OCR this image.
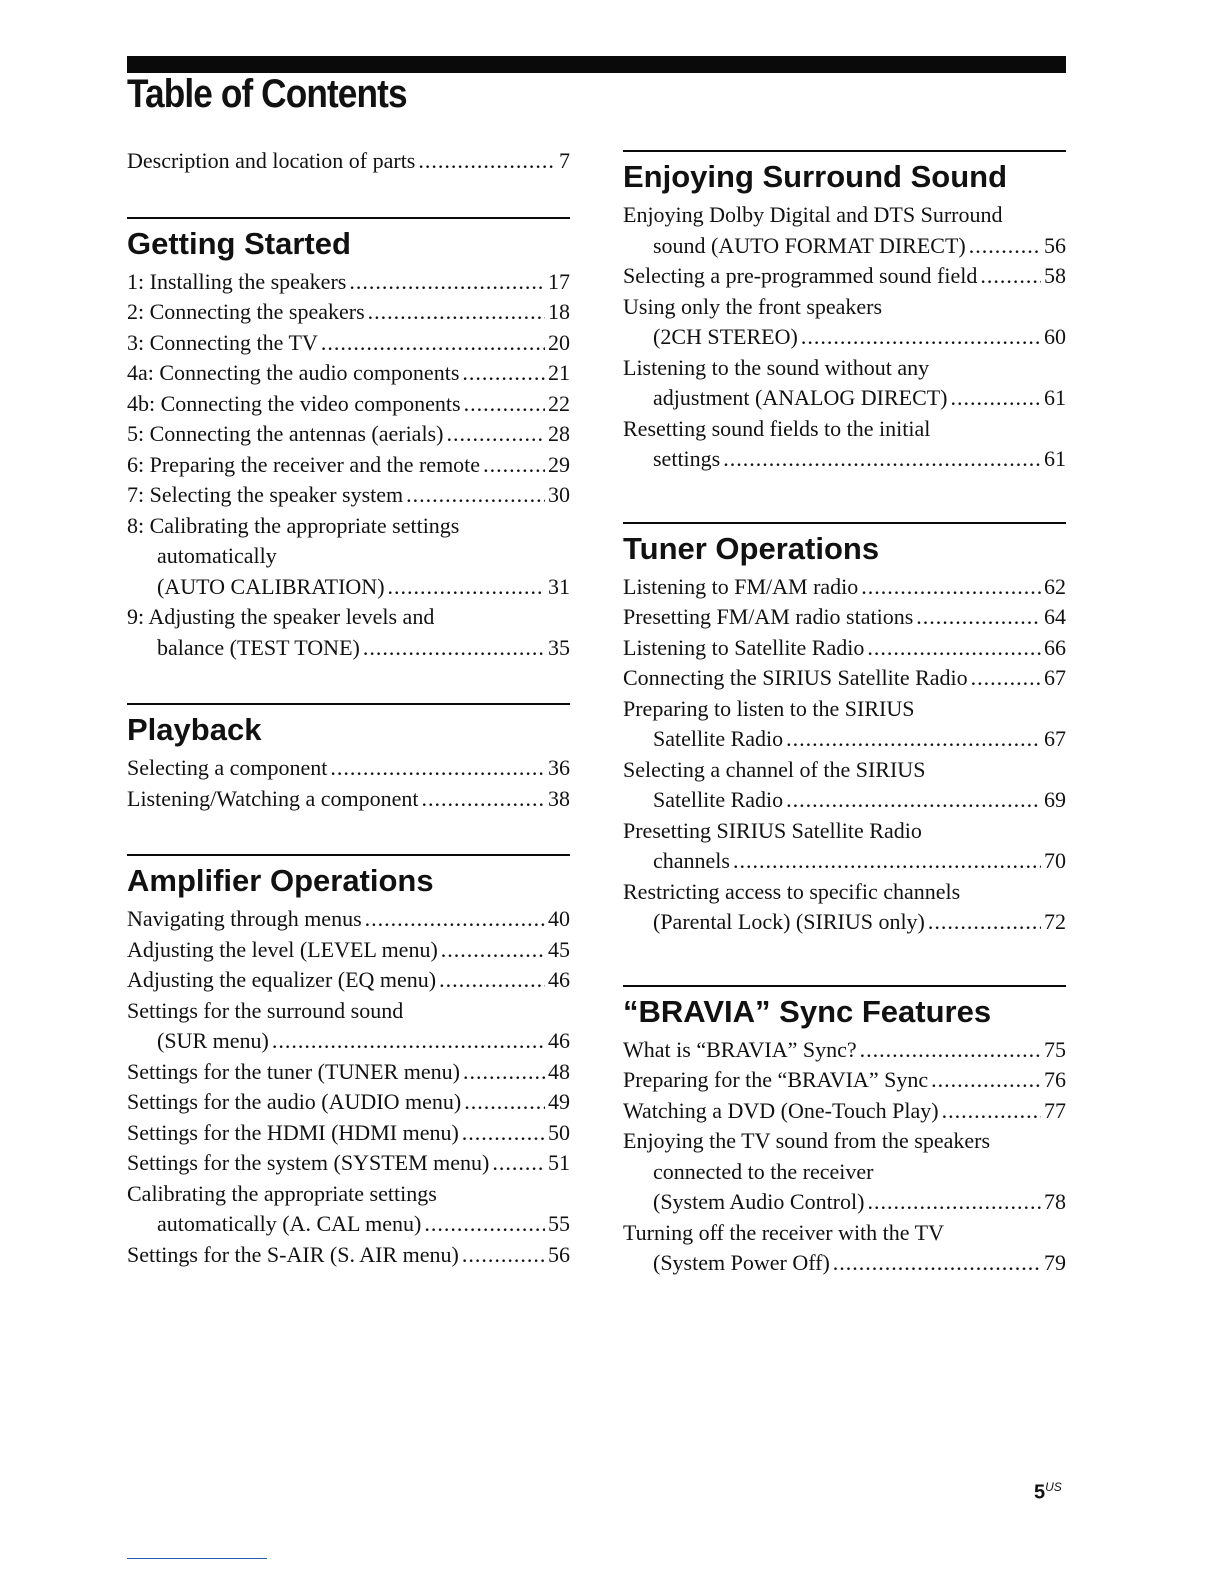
Table of Contents
Description and location of parts .....	7
Getting Started
1: Installing the speakers .....	17
2: Connecting the speakers .....	18
3: Connecting the TV .....	20
4a: Connecting the audio components .....	21
4b: Connecting the video components .....	22
5: Connecting the antennas (aerials) .....	28
6: Preparing the receiver and the remote .....	29
7: Selecting the speaker system .....	30
8: Calibrating the appropriate settings
automatically
(AUTO CALIBRATION) .....	31
9: Adjusting the speaker levels and
balance (TEST TONE) .....	35
Playback
Selecting a component .....	36
Listening/Watching a component .....	38
Amplifier Operations
Navigating through menus .....	40
Adjusting the level (LEVEL menu) .....	45
Adjusting the equalizer (EQ menu) .....	46
Settings for the surround sound
(SUR menu) .....	46
Settings for the tuner (TUNER menu) .....	48
Settings for the audio (AUDIO menu) .....	49
Settings for the HDMI (HDMI menu) .....	50
Settings for the system (SYSTEM menu) .....	51
Calibrating the appropriate settings
automatically (A. CAL menu) .....	55
Settings for the S-AIR (S. AIR menu) .....	56
Enjoying Surround Sound
Enjoying Dolby Digital and DTS Surround
sound (AUTO FORMAT DIRECT) .....	56
Selecting a pre-programmed sound field .....	58
Using only the front speakers
(2CH STEREO) .....	60
Listening to the sound without any
adjustment (ANALOG DIRECT) .....	61
Resetting sound fields to the initial
settings .....	61
Tuner Operations
Listening to FM/AM radio .....	62
Presetting FM/AM radio stations .....	64
Listening to Satellite Radio .....	66
Connecting the SIRIUS Satellite Radio .....	67
Preparing to listen to the SIRIUS
Satellite Radio .....	67
Selecting a channel of the SIRIUS
Satellite Radio .....	69
Presetting SIRIUS Satellite Radio
channels .....	70
Restricting access to specific channels
(Parental Lock) (SIRIUS only) .....	72
“BRAVIA” Sync Features
What is “BRAVIA” Sync? .....	75
Preparing for the “BRAVIA” Sync .....	76
Watching a DVD (One-Touch Play) .....	77
Enjoying the TV sound from the speakers
connected to the receiver
(System Audio Control) .....	78
Turning off the receiver with the TV
(System Power Off) .....	79

$5^{US}$
